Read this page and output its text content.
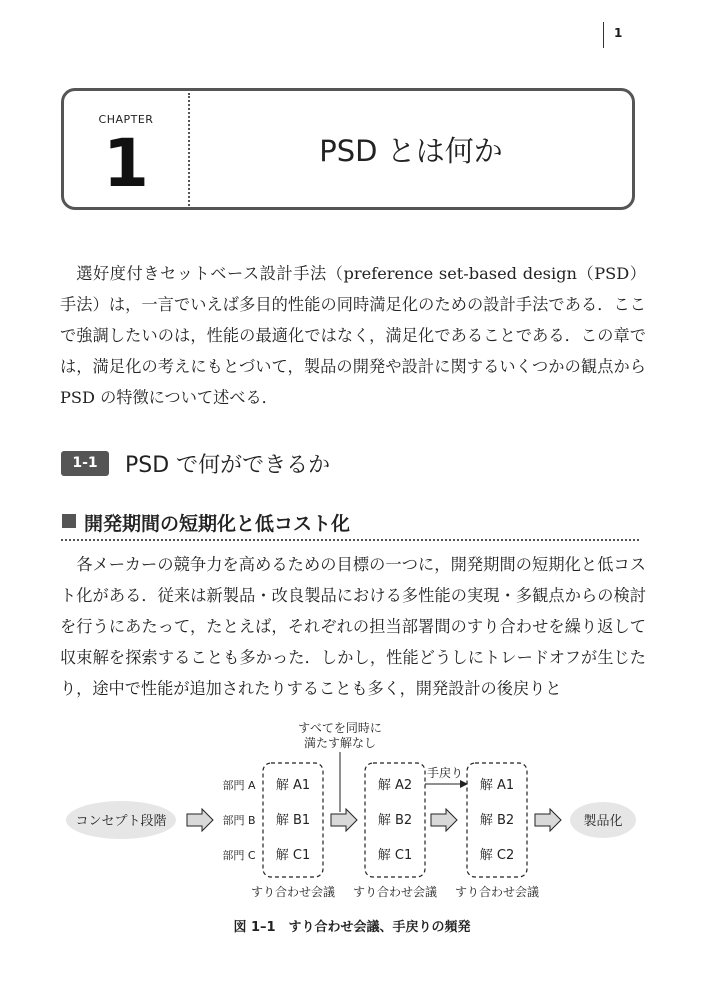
1
CHAPTER
1	PSD とは何か

選好度付きセットベース設計手法（preference set-based design（PSD）手法）は，一言でいえば多目的性能の同時満足化のための設計手法である．ここで強調したいのは，性能の最適化ではなく，満足化であることである．この章では，満足化の考えにもとづいて，製品の開発や設計に関するいくつかの観点から PSD の特徴について述べる．

1-1	PSD で何ができるか
開発期間の短期化と低コスト化

各メーカーの競争力を高めるための目標の一つに，開発期間の短期化と低コスト化がある．従来は新製品・改良製品における多性能の実現・多観点からの検討を行うにあたって，たとえば，それぞれの担当部署間のすり合わせを繰り返して収束解を探索することも多かった．しかし，性能どうしにトレードオフが生じたり，途中で性能が追加されたりすることも多く，開発設計の後戻りと

すべてを同時に
満たす解なし
コンセプト段階
部門 A
部門 B
部門 C
解 A1
解 B1
解 C1
すり合わせ会議
解 A2
解 B2
解 C1
すり合わせ会議
手戻り
解 A1
解 B2
解 C2
すり合わせ会議
製品化
図 1–1　すり合わせ会議、手戻りの頻発
